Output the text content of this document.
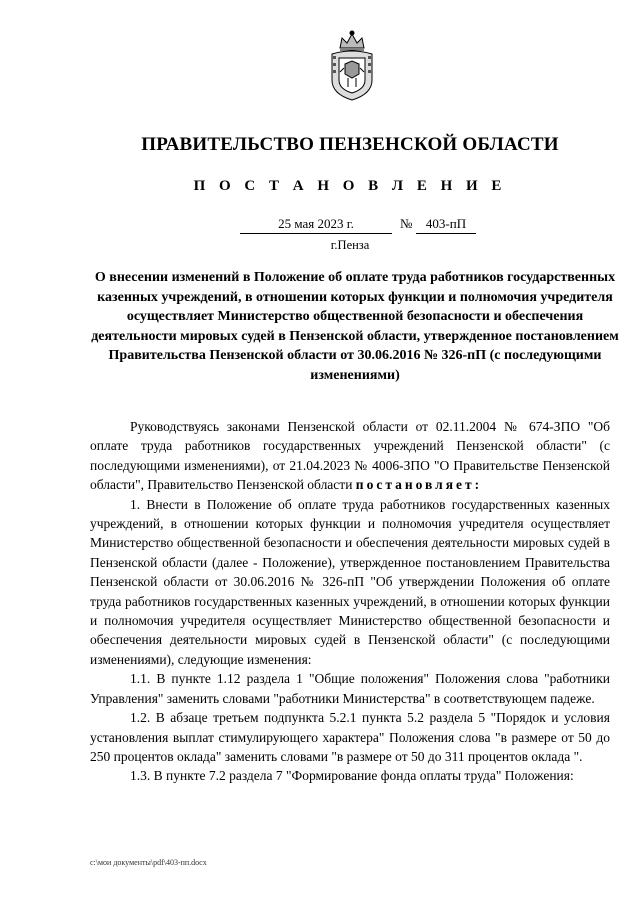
ПРАВИТЕЛЬСТВО ПЕНЗЕНСКОЙ ОБЛАСТИ
П О С Т А Н О В Л Е Н И Е
25 мая 2023 г.	№	403-пП
г.Пенза
О внесении изменений в Положение об оплате труда работников государственных казенных учреждений, в отношении которых функции и полномочия учредителя осуществляет Министерство общественной безопасности и обеспечения деятельности мировых судей в Пензенской области, утвержденное постановлением Правительства Пензенской области от 30.06.2016 № 326-пП (с последующими изменениями)

Руководствуясь законами Пензенской области от 02.11.2004 № 674-ЗПО "Об оплате труда работников государственных учреждений Пензенской области" (с последующими изменениями), от 21.04.2023 № 4006-ЗПО "О Правительстве Пензенской области", Правительство Пензенской области постановляет:

1. Внести в Положение об оплате труда работников государственных казенных учреждений, в отношении которых функции и полномочия учредителя осуществляет Министерство общественной безопасности и обеспечения деятельности мировых судей в Пензенской области (далее - Положение), утвержденное постановлением Правительства Пензенской области от 30.06.2016 № 326-пП "Об утверждении Положения об оплате труда работников государственных казенных учреждений, в отношении которых функции и полномочия учредителя осуществляет Министерство общественной безопасности и обеспечения деятельности мировых судей в Пензенской области" (с последующими изменениями), следующие изменения:

1.1. В пункте 1.12 раздела 1 "Общие положения" Положения слова "работники Управления" заменить словами "работники Министерства" в соответствующем падеже.

1.2. В абзаце третьем подпункта 5.2.1 пункта 5.2 раздела 5 "Порядок и условия установления выплат стимулирующего характера" Положения слова "в размере от 50 до 250 процентов оклада" заменить словами "в размере от 50 до 311 процентов оклада ".

1.3. В пункте 7.2 раздела 7 "Формирование фонда оплаты труда" Положения:

c:\мои документы\pdf\403-пп.docx
